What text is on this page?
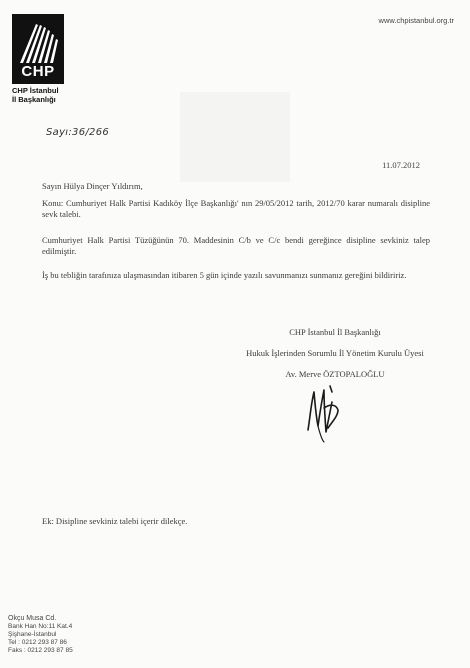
www.chpistanbul.org.tr
CHP
CHP İstanbul
İl Başkanlığı
Sayı:36/266
11.07.2012
Sayın Hülya Dinçer Yıldırım,
Konu: Cumhuriyet Halk Partisi Kadıköy İlçe Başkanlığı' nın 29/05/2012 tarih, 2012/70 karar numaralı disipline sevk talebi.
Cumhuriyet Halk Partisi Tüzüğünün 70. Maddesinin C/b ve C/c bendi gereğince disipline sevkiniz talep edilmiştir.
İş bu tebliğin tarafınıza ulaşmasından itibaren 5 gün içinde yazılı savunmanızı sunmanız gereğini bildiririz.
CHP İstanbul İl Başkanlığı
Hukuk İşlerinden Sorumlu İl Yönetim Kurulu Üyesi
Av. Merve ÖZTOPALOĞLU
Ek: Disipline sevkiniz talebi içerir dilekçe.
Okçu Musa Cd.
Bank Han No:11 Kat.4
Şişhane-İstanbul
Tel : 0212 293 87 86
Faks : 0212 293 87 85
